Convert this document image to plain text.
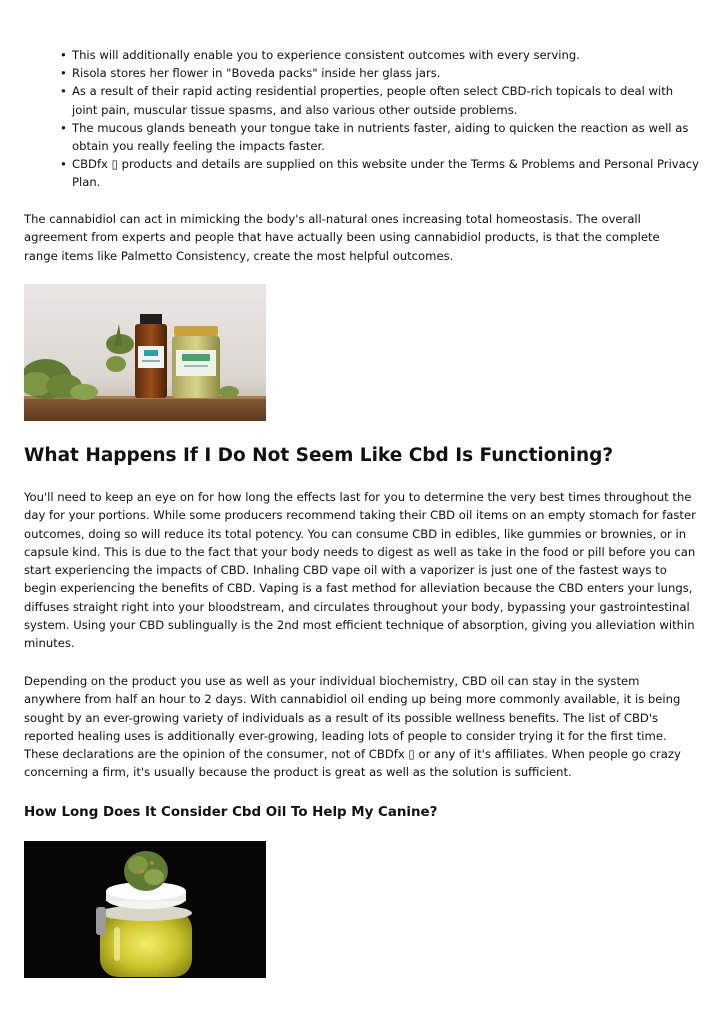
• This will additionally enable you to experience consistent outcomes with every serving.
• Risola stores her flower in "Boveda packs" inside her glass jars.
• As a result of their rapid acting residential properties, people often select CBD-rich topicals to deal with joint pain, muscular tissue spasms, and also various other outside problems.
• The mucous glands beneath your tongue take in nutrients faster, aiding to quicken the reaction as well as obtain you really feeling the impacts faster.
• CBDfx ▯ products and details are supplied on this website under the Terms & Problems and Personal Privacy Plan.

The cannabidiol can act in mimicking the body's all-natural ones increasing total homeostasis. The overall agreement from experts and people that have actually been using cannabidiol products, is that the complete range items like Palmetto Consistency, create the most helpful outcomes.

What Happens If I Do Not Seem Like Cbd Is Functioning?

You'll need to keep an eye on for how long the effects last for you to determine the very best times throughout the day for your portions. While some producers recommend taking their CBD oil items on an empty stomach for faster outcomes, doing so will reduce its total potency. You can consume CBD in edibles, like gummies or brownies, or in capsule kind. This is due to the fact that your body needs to digest as well as take in the food or pill before you can start experiencing the impacts of CBD. Inhaling CBD vape oil with a vaporizer is just one of the fastest ways to begin experiencing the benefits of CBD. Vaping is a fast method for alleviation because the CBD enters your lungs, diffuses straight right into your bloodstream, and circulates throughout your body, bypassing your gastrointestinal system. Using your CBD sublingually is the 2nd most efficient technique of absorption, giving you alleviation within minutes.

Depending on the product you use as well as your individual biochemistry, CBD oil can stay in the system anywhere from half an hour to 2 days. With cannabidiol oil ending up being more commonly available, it is being sought by an ever-growing variety of individuals as a result of its possible wellness benefits. The list of CBD's reported healing uses is additionally ever-growing, leading lots of people to consider trying it for the first time. These declarations are the opinion of the consumer, not of CBDfx ▯ or any of it's affiliates. When people go crazy concerning a firm, it's usually because the product is great as well as the solution is sufficient.

How Long Does It Consider Cbd Oil To Help My Canine?
